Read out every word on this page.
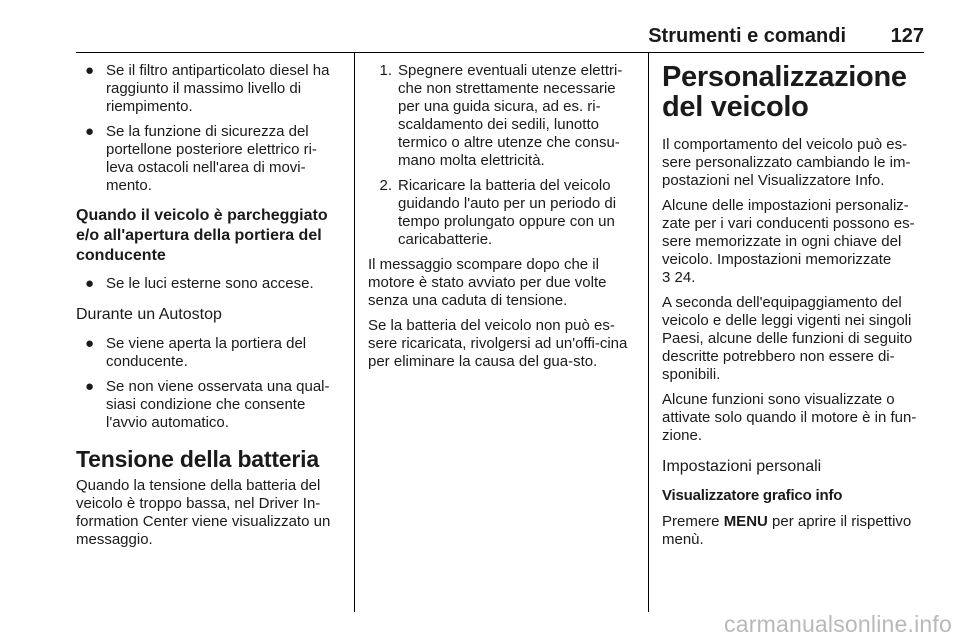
Strumenti e comandi 127
● Se il filtro antiparticolato diesel ha raggiunto il massimo livello di riempimento.
● Se la funzione di sicurezza del portellone posteriore elettrico ri-leva ostacoli nell'area di movi-mento.
Quando il veicolo è parcheggiato e/o all'apertura della portiera del conducente
● Se le luci esterne sono accese.
Durante un Autostop
● Se viene aperta la portiera del conducente.
● Se non viene osservata una qual-siasi condizione che consente l'avvio automatico.
Tensione della batteria

Quando la tensione della batteria del veicolo è troppo bassa, nel Driver In-formation Center viene visualizzato un messaggio.

1. Spegnere eventuali utenze elettri-che non strettamente necessarie per una guida sicura, ad es. ri-scaldamento dei sedili, lunotto termico o altre utenze che consu-mano molta elettricità.
2. Ricaricare la batteria del veicolo guidando l'auto per un periodo di tempo prolungato oppure con un caricabatterie.

Il messaggio scompare dopo che il motore è stato avviato per due volte senza una caduta di tensione.

Se la batteria del veicolo non può es-sere ricaricata, rivolgersi ad un'offi-cina per eliminare la causa del gua-sto.

Personalizzazione del veicolo

Il comportamento del veicolo può es-sere personalizzato cambiando le im-postazioni nel Visualizzatore Info.

Alcune delle impostazioni personaliz-zate per i vari conducenti possono es-sere memorizzate in ogni chiave del veicolo. Impostazioni memorizzate
3 24.

A seconda dell'equipaggiamento del veicolo e delle leggi vigenti nei singoli Paesi, alcune delle funzioni di seguito descritte potrebbero non essere di-sponibili.

Alcune funzioni sono visualizzate o attivate solo quando il motore è in fun-zione.

Impostazioni personali
Visualizzatore grafico info

Premere MENU per aprire il rispettivo menù.

carmanualsonline.info
